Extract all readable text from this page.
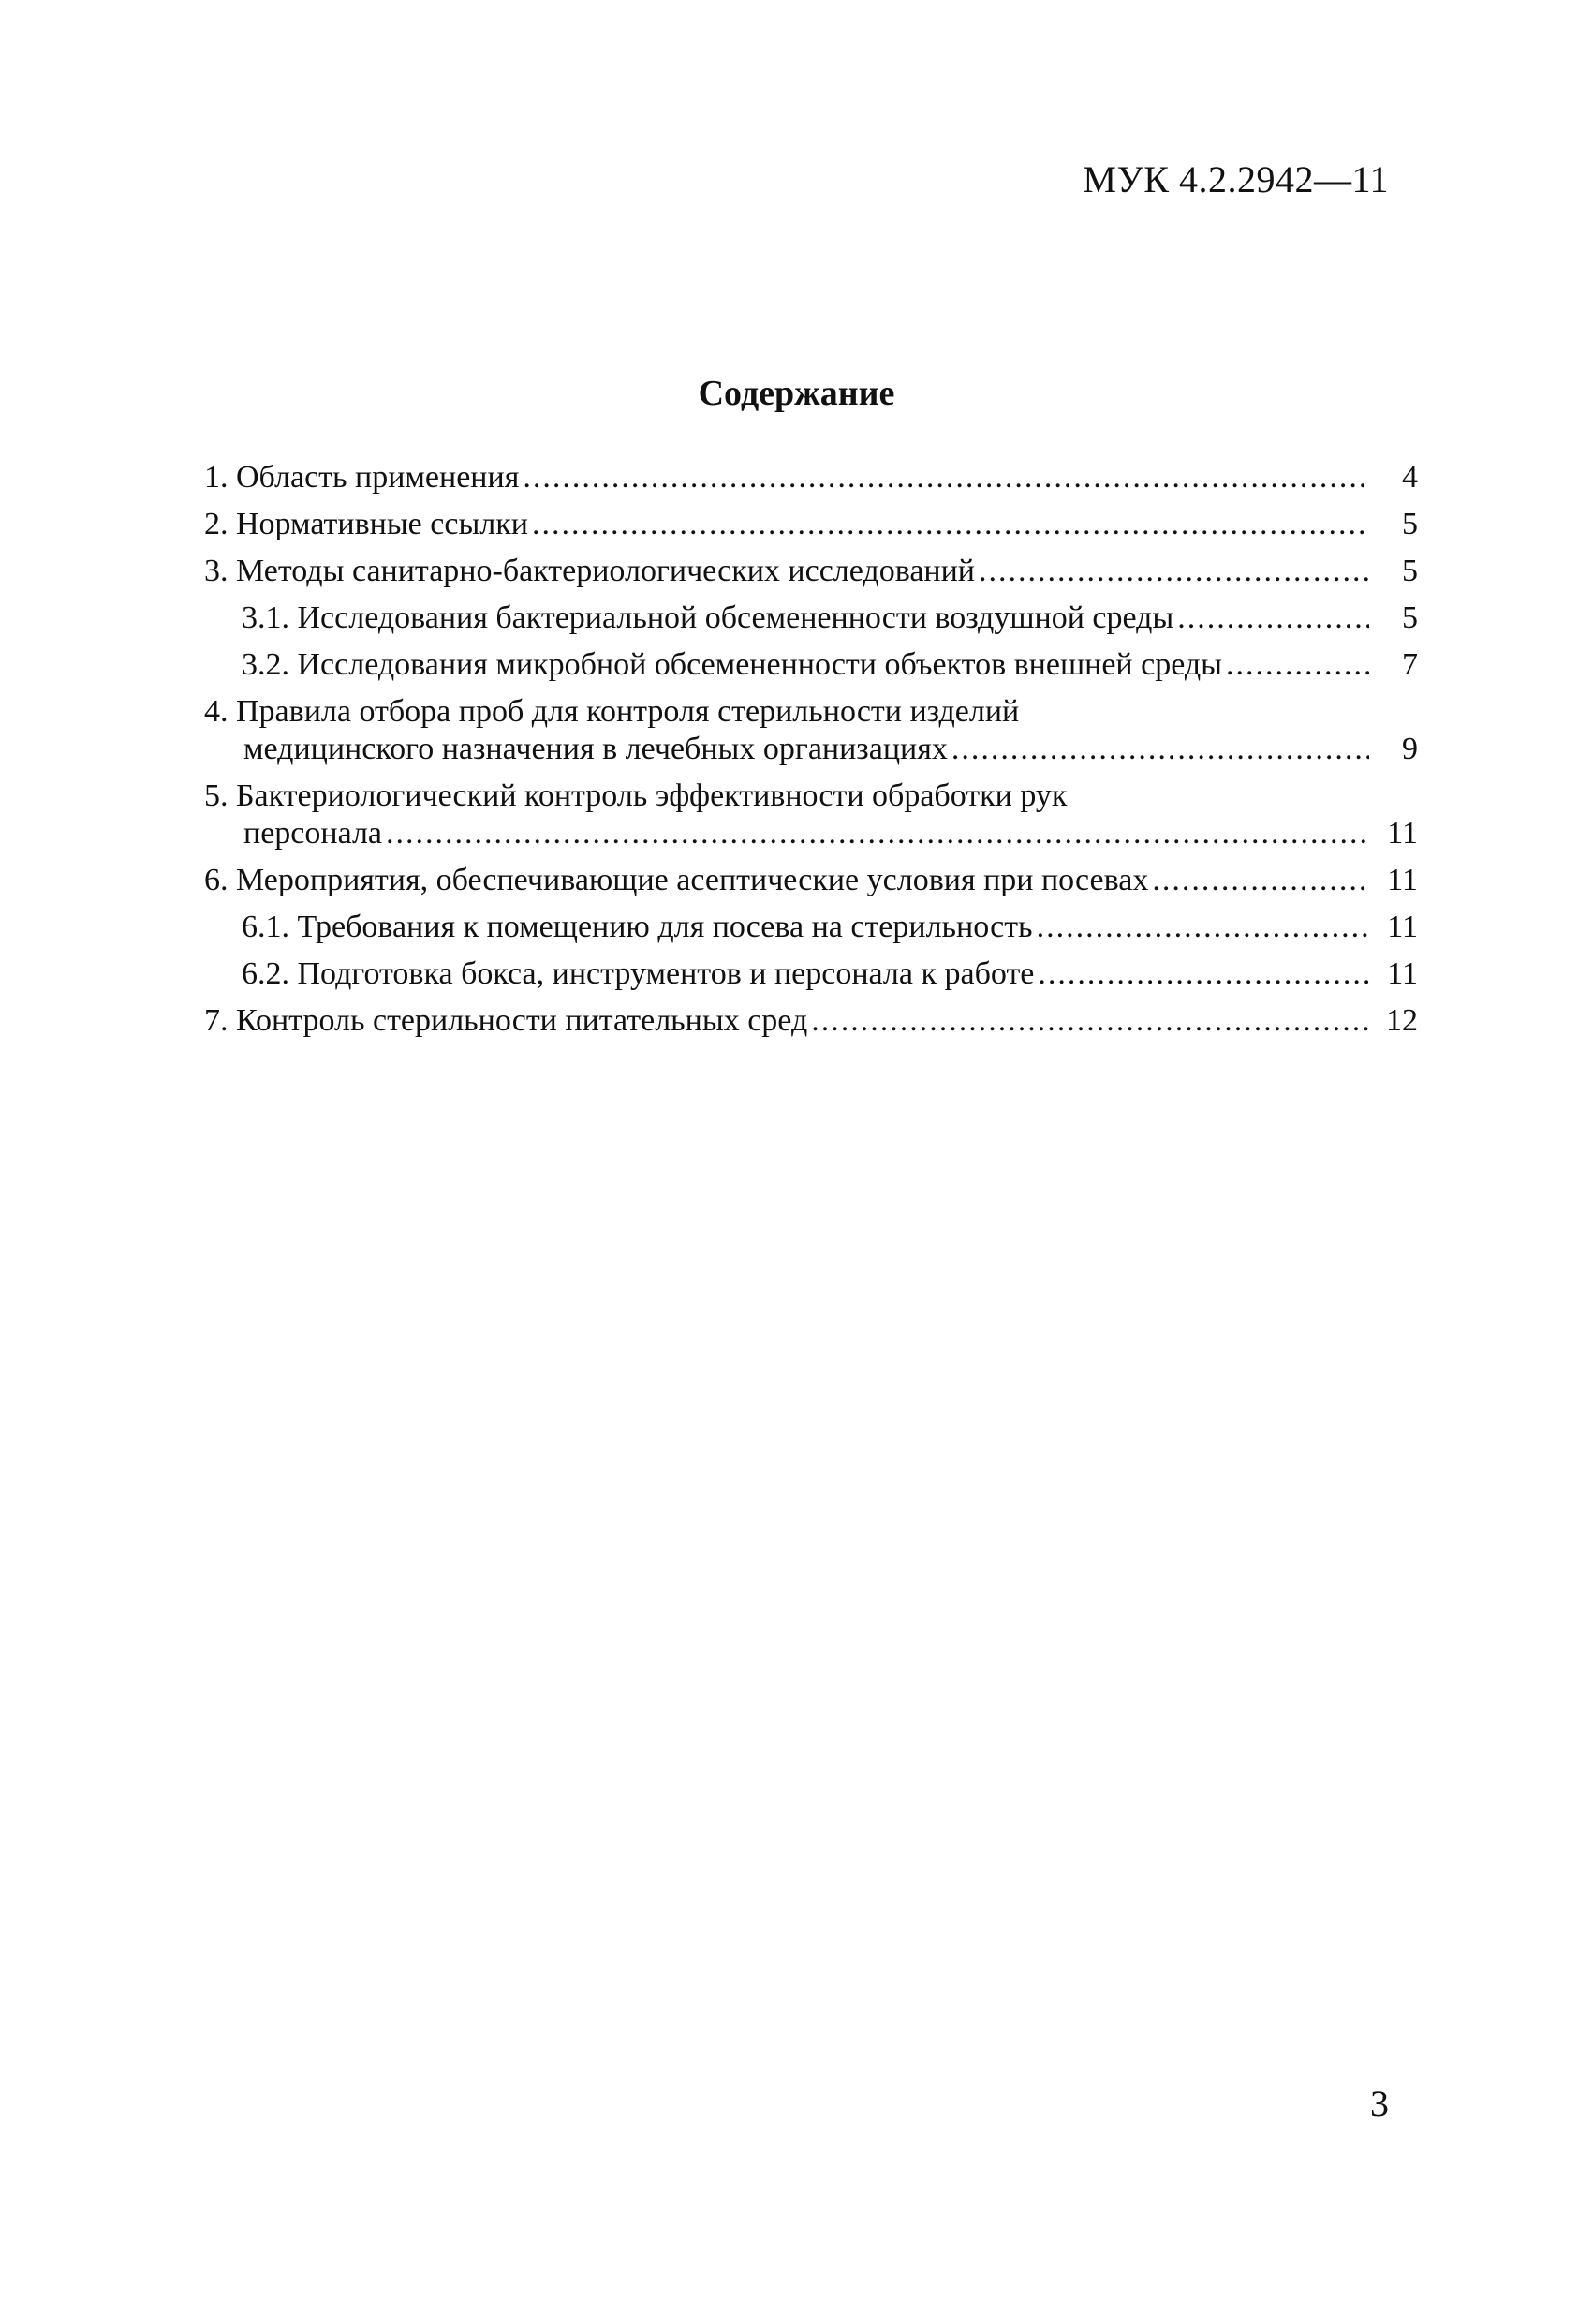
МУК 4.2.2942—11
Содержание
1. Область применения .....	4
2. Нормативные ссылки .....	5
3. Методы санитарно-бактериологических исследований .....	5
3.1. Исследования бактериальной обсемененности воздушной среды .....	5
3.2. Исследования микробной обсемененности объектов внешней среды .....	7
4. Правила отбора проб для контроля стерильности изделий
медицинского назначения в лечебных организациях .....	9
5. Бактериологический контроль эффективности обработки рук
персонала .....	11
6. Мероприятия, обеспечивающие асептические условия при посевах .....	11
6.1. Требования к помещению для посева на стерильность .....	11
6.2. Подготовка бокса, инструментов и персонала к работе .....	11
7. Контроль стерильности питательных сред .....	12
3
